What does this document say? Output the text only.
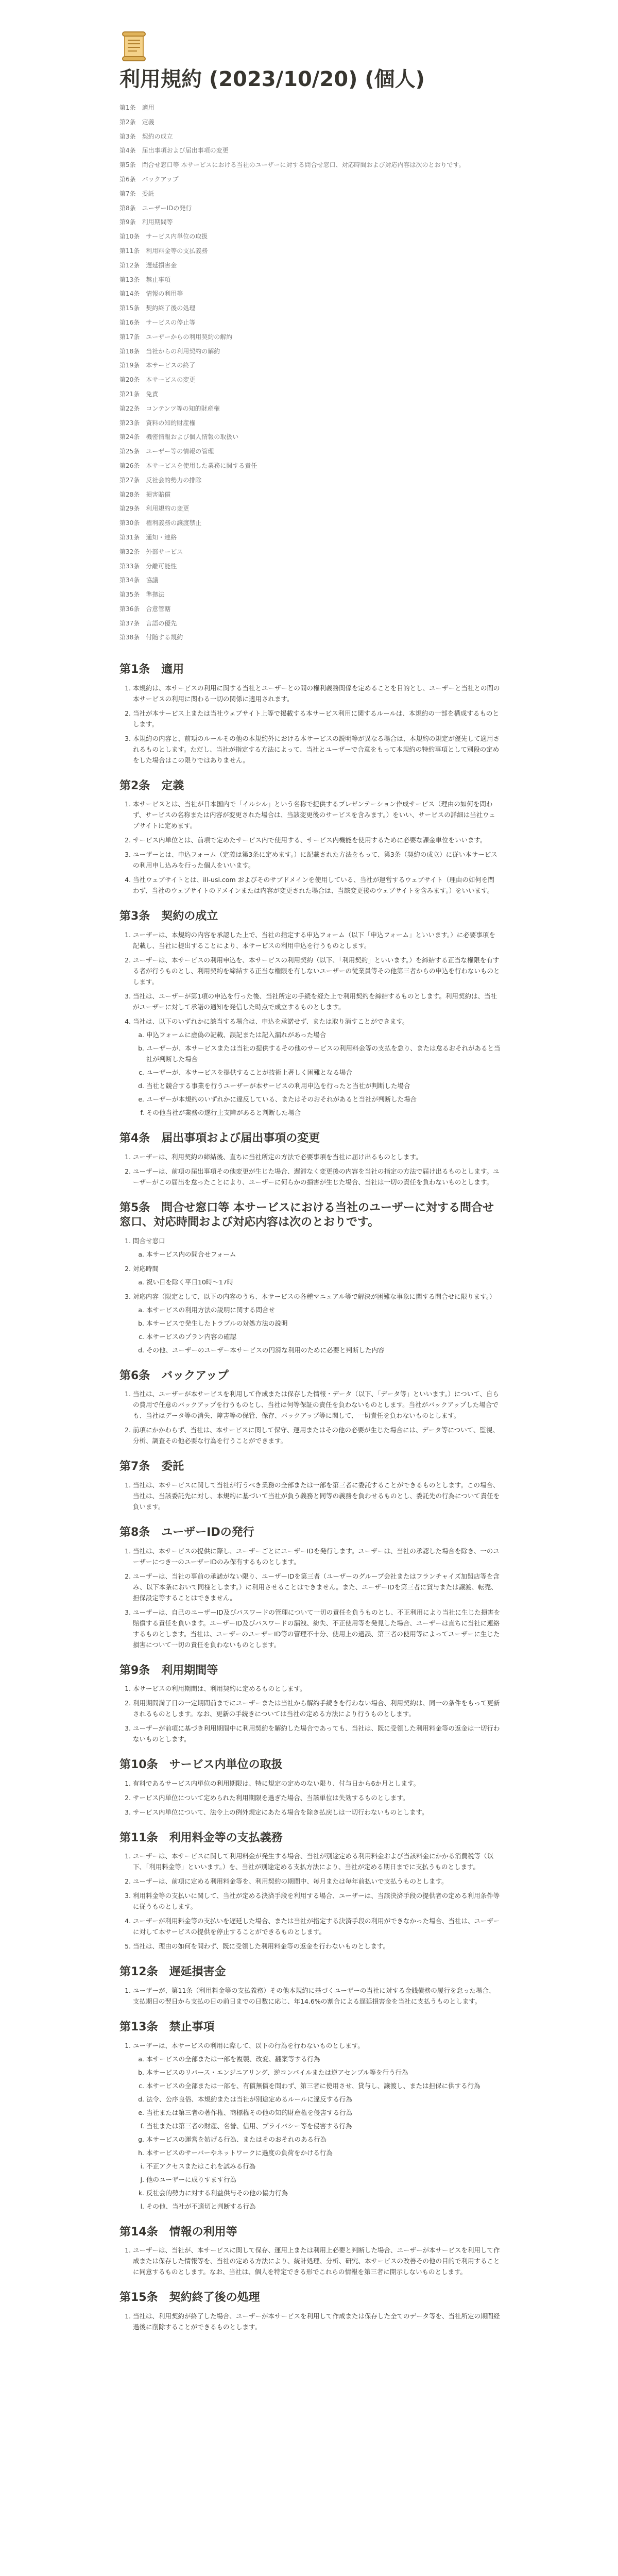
利用規約 (2023/10/20) (個人)
第1条　適用
第2条　定義
第3条　契約の成立
第4条　届出事項および届出事項の変更
第5条　問合せ窓口等 本サービスにおける当社のユーザーに対する問合せ窓口、対応時間および対応内容は次のとおりです。
第6条　バックアップ
第7条　委託
第8条　ユーザーIDの発行
第9条　利用期間等
第10条　サービス内単位の取扱
第11条　利用料金等の支払義務
第12条　遅延損害金
第13条　禁止事項
第14条　情報の利用等
第15条　契約終了後の処理
第16条　サービスの停止等
第17条　ユーザーからの利用契約の解約
第18条　当社からの利用契約の解約
第19条　本サービスの終了
第20条　本サービスの変更
第21条　免責
第22条　コンテンツ等の知的財産権
第23条　資料の知的財産権
第24条　機密情報および個人情報の取扱い
第25条　ユーザー等の情報の管理
第26条　本サービスを使用した業務に関する責任
第27条　反社会的勢力の排除
第28条　損害賠償
第29条　利用規約の変更
第30条　権利義務の譲渡禁止
第31条　通知・連絡
第32条　外部サービス
第33条　分離可能性
第34条　協議
第35条　準拠法
第36条　合意管轄
第37条　言語の優先
第38条　付随する規約
第1条　適用
1. 本規約は、本サービスの利用に関する当社とユーザーとの間の権利義務関係を定めることを目的とし、ユーザーと当社との間の本サービスの利用に関わる一切の関係に適用されます。
2. 当社が本サービス上または当社ウェブサイト上等で掲載する本サービス利用に関するルールは、本規約の一部を構成するものとします。
3. 本規約の内容と、前項のルールその他の本規約外における本サービスの説明等が異なる場合は、本規約の規定が優先して適用されるものとします。ただし、当社が指定する方法によって、当社とユーザーで合意をもって本規約の特約事項として別段の定めをした場合はこの限りではありません。
第2条　定義
1. 本サービスとは、当社が日本国内で「イルシル」という名称で提供するプレゼンテーション作成サービス（理由の如何を問わず、サービスの名称または内容が変更された場合は、当該変更後のサービスを含みます。）をいい、サービスの詳細は当社ウェブサイトに定めます。
2. サービス内単位とは、前項で定めたサービス内で使用する、サービス内機能を使用するために必要な課金単位をいいます。
3. ユーザーとは、申込フォーム（定義は第3条に定めます。）に記載された方法をもって、第3条（契約の成立）に従い本サービスの利用申し込みを行った個人をいいます。
4. 当社ウェブサイトとは、ill-usi.com およびそのサブドメインを使用している、当社が運営するウェブサイト（理由の如何を問わず、当社のウェブサイトのドメインまたは内容が変更された場合は、当該変更後のウェブサイトを含みます。）をいいます。
第3条　契約の成立
1. ユーザーは、本規約の内容を承認した上で、当社の指定する申込フォーム（以下「申込フォーム」といいます。）に必要事項を記載し、当社に提出することにより、本サービスの利用申込を行うものとします。
2. ユーザーは、本サービスの利用申込を、本サービスの利用契約（以下、「利用契約」といいます。）を締結する正当な権限を有する者が行うものとし、利用契約を締結する正当な権限を有しないユーザーの従業員等その他第三者からの申込を行わないものとします。
3. 当社は、ユーザーが第1項の申込を行った後、当社所定の手続を経た上で利用契約を締結するものとします。利用契約は、当社がユーザーに対して承諾の通知を発信した時点で成立するものとします。
4. 当社は、以下のいずれかに該当する場合は、申込を承諾せず、または取り消すことができます。
a. 申込フォームに虚偽の記載、誤記または記入漏れがあった場合
b. ユーザーが、本サービスまたは当社の提供するその他のサービスの利用料金等の支払を怠り、または怠るおそれがあると当社が判断した場合
c. ユーザーが、本サービスを提供することが技術上著しく困難となる場合
d. 当社と競合する事業を行うユーザーが本サービスの利用申込を行ったと当社が判断した場合
e. ユーザーが本規約のいずれかに違反している、またはそのおそれがあると当社が判断した場合
f. その他当社が業務の遂行上支障があると判断した場合
第4条　届出事項および届出事項の変更
1. ユーザーは、利用契約の締結後、直ちに当社所定の方法で必要事項を当社に届け出るものとします。
2. ユーザーは、前項の届出事項その他変更が生じた場合、遅滞なく変更後の内容を当社の指定の方法で届け出るものとします。ユーザーがこの届出を怠ったことにより、ユーザーに何らかの損害が生じた場合、当社は一切の責任を負わないものとします。
第5条　問合せ窓口等 本サービスにおける当社のユーザーに対する問合せ窓口、対応時間および対応内容は次のとおりです。
1. 問合せ窓口
a. 本サービス内の問合せフォーム
2. 対応時間
a. 祝い日を除く平日10時～17時
3. 対応内容（限定として、以下の内容のうち、本サービスの各種マニュアル等で解決が困難な事象に関する問合せに限ります。）
a. 本サービスの利用方法の説明に関する問合せ
b. 本サービスで発生したトラブルの対処方法の説明
c. 本サービスのプラン内容の確認
d. その他、ユーザーのユーザー本サービスの円滑な利用のために必要と判断した内容
第6条　バックアップ
1. 当社は、ユーザーが本サービスを利用して作成または保存した情報・データ（以下、「データ等」といいます。）について、自らの費用で任意のバックアップを行うものとし、当社は何等保証の責任を負わないものとします。当社がバックアップした場合でも、当社はデータ等の消失、障害等の保管、保存、バックアップ等に関して、一切責任を負わないものとします。
2. 前項にかかわらず、当社は、本サービスに関して保守、運用またはその他の必要が生じた場合には、データ等について、監視、分析、調査その他必要な行為を行うことができます。
第7条　委託
1. 当社は、本サービスに関して当社が行うべき業務の全部または一部を第三者に委託することができるものとします。この場合、当社は、当該委託先に対し、本規約に基づいて当社が負う義務と同等の義務を負わせるものとし、委託先の行為について責任を負います。
第8条　ユーザーIDの発行
1. 当社は、本サービスの提供に際し、ユーザーごとにユーザーIDを発行します。ユーザーは、当社の承認した場合を除き、一のユーザーにつき一のユーザーIDのみ保有するものとします。
2. ユーザーは、当社の事前の承諾がない限り、ユーザーIDを第三者（ユーザーのグループ会社またはフランチャイズ加盟店等を含み、以下本条において同様とします。）に利用させることはできません。また、ユーザーIDを第三者に貸与または譲渡、転売、担保設定等することはできません。
3. ユーザーは、自己のユーザーID及びパスワードの管理について一切の責任を負うものとし、不正利用により当社に生じた損害を賠償する責任を負います。ユーザーID及びパスワードの漏洩、紛失、不正使用等を発見した場合、ユーザーは直ちに当社に連絡するものとします。当社は、ユーザーのユーザーID等の管理不十分、使用上の過誤、第三者の使用等によってユーザーに生じた損害について一切の責任を負わないものとします。
第9条　利用期間等
1. 本サービスの利用期間は、利用契約に定めるものとします。
2. 利用期間満了日の一定期間前までにユーザーまたは当社から解約手続きを行わない場合、利用契約は、同一の条件をもって更新されるものとします。なお、更新の手続きについては当社の定める方法により行うものとします。
3. ユーザーが前項に基づき利用期間中に利用契約を解約した場合であっても、当社は、既に受領した利用料金等の返金は一切行わないものとします。
第10条　サービス内単位の取扱
1. 有料であるサービス内単位の利用期限は、特に規定の定めのない限り、付与日から6か月とします。
2. サービス内単位について定められた利用期限を過ぎた場合、当該単位は失効するものとします。
3. サービス内単位について、法令上の例外規定にあたる場合を除き払戻しは一切行わないものとします。
第11条　利用料金等の支払義務
1. ユーザーは、本サービスに関して利用料金が発生する場合、当社が別途定める利用料金および当該料金にかかる消費税等（以下、「利用料金等」といいます。）を、当社が別途定める支払方法により、当社が定める期日までに支払うものとします。
2. ユーザーは、前項に定める利用料金等を、利用契約の期間中、毎月または毎年前払いで支払うものとします。
3. 利用料金等の支払いに関して、当社が定める決済手段を利用する場合、ユーザーは、当該決済手段の提供者の定める利用条件等に従うものとします。
4. ユーザーが利用料金等の支払いを遅延した場合、または当社が指定する決済手段の利用ができなかった場合、当社は、ユーザーに対して本サービスの提供を停止することができるものとします。
5. 当社は、理由の如何を問わず、既に受領した利用料金等の返金を行わないものとします。
第12条　遅延損害金
1. ユーザーが、第11条（利用料金等の支払義務）その他本規約に基づくユーザーの当社に対する金銭債務の履行を怠った場合、支払期日の翌日から支払の日の前日までの日数に応じ、年14.6%の割合による遅延損害金を当社に支払うものとします。
第13条　禁止事項
1. ユーザーは、本サービスの利用に際して、以下の行為を行わないものとします。
a. 本サービスの全部または一部を複製、改変、翻案等する行為
b. 本サービスのリバース・エンジニアリング、逆コンパイルまたは逆アセンブル等を行う行為
c. 本サービスの全部または一部を、有償無償を問わず、第三者に使用させ、貸与し、譲渡し、または担保に供する行為
d. 法令、公序良俗、本規約または当社が別途定めるルールに違反する行為
e. 当社または第三者の著作権、商標権その他の知的財産権を侵害する行為
f. 当社または第三者の財産、名誉、信用、プライバシー等を侵害する行為
g. 本サービスの運営を妨げる行為、またはそのおそれのある行為
h. 本サービスのサーバーやネットワークに過度の負荷をかける行為
i. 不正アクセスまたはこれを試みる行為
j. 他のユーザーに成りすます行為
k. 反社会的勢力に対する利益供与その他の協力行為
l. その他、当社が不適切と判断する行為
第14条　情報の利用等
1. ユーザーは、当社が、本サービスに関して保存、運用上または利用上必要と判断した場合、ユーザーが本サービスを利用して作成または保存した情報等を、当社の定める方法により、統計処理、分析、研究、本サービスの改善その他の目的で利用することに同意するものとします。なお、当社は、個人を特定できる形でこれらの情報を第三者に開示しないものとします。
第15条　契約終了後の処理
1. 当社は、利用契約が終了した場合、ユーザーが本サービスを利用して作成または保存した全てのデータ等を、当社所定の期間経過後に削除することができるものとします。
